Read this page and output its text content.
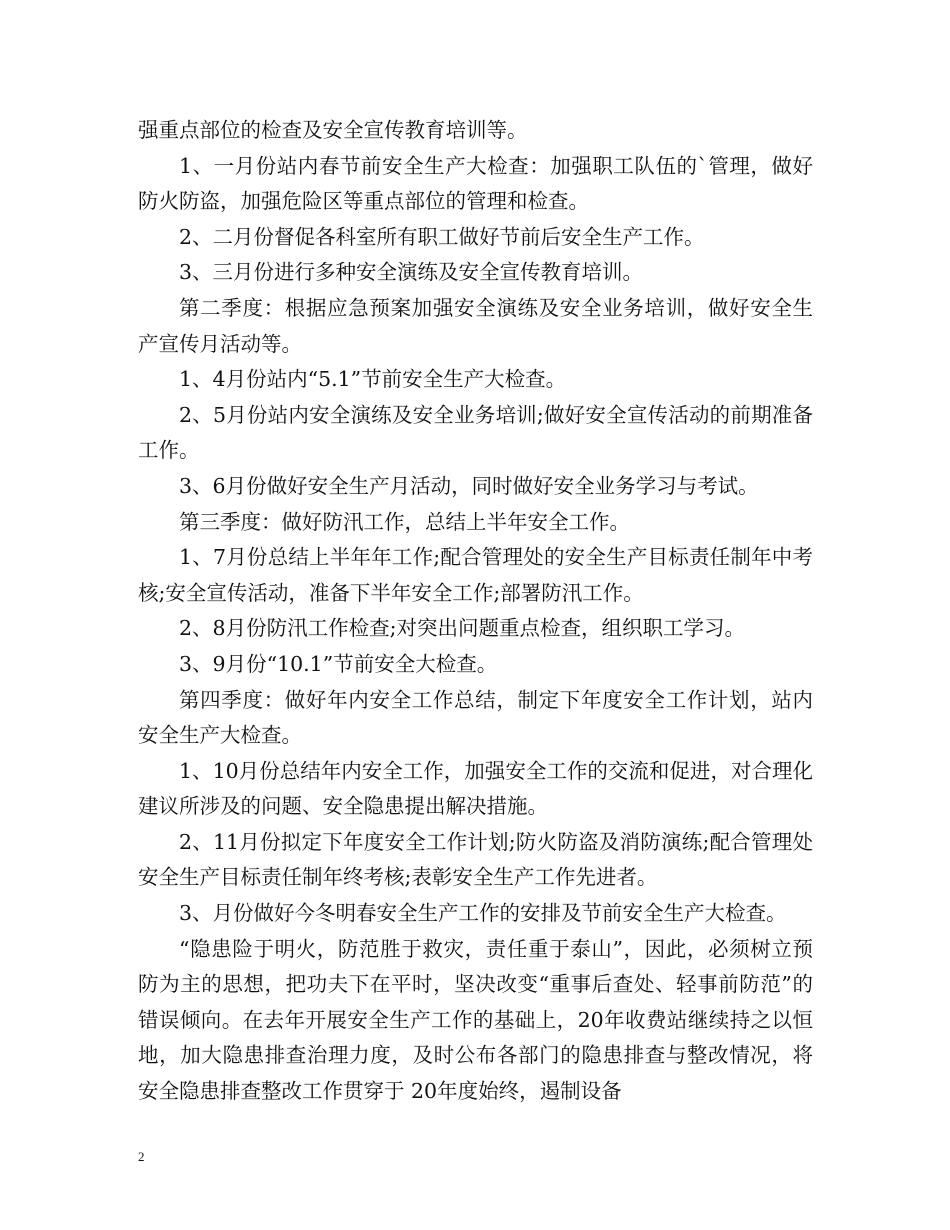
强重点部位的检查及安全宣传教育培训等。

1、一月份站内春节前安全生产大检查：加强职工队伍的`管理，做好防火防盗，加强危险区等重点部位的管理和检查。

2、二月份督促各科室所有职工做好节前后安全生产工作。

3、三月份进行多种安全演练及安全宣传教育培训。

第二季度：根据应急预案加强安全演练及安全业务培训，做好安全生产宣传月活动等。

1、4月份站内“5.1”节前安全生产大检查。

2、5月份站内安全演练及安全业务培训;做好安全宣传活动的前期准备工作。

3、6月份做好安全生产月活动，同时做好安全业务学习与考试。

第三季度：做好防汛工作，总结上半年安全工作。

1、7月份总结上半年年工作;配合管理处的安全生产目标责任制年中考核;安全宣传活动，准备下半年安全工作;部署防汛工作。

2、8月份防汛工作检查;对突出问题重点检查，组织职工学习。

3、9月份“10.1”节前安全大检查。

第四季度：做好年内安全工作总结，制定下年度安全工作计划，站内安全生产大检查。

1、10月份总结年内安全工作，加强安全工作的交流和促进，对合理化建议所涉及的问题、安全隐患提出解决措施。

2、11月份拟定下年度安全工作计划;防火防盗及消防演练;配合管理处安全生产目标责任制年终考核;表彰安全生产工作先进者。

3、月份做好今冬明春安全生产工作的安排及节前安全生产大检查。

“隐患险于明火，防范胜于救灾，责任重于泰山”，因此，必须树立预防为主的思想，把功夫下在平时，坚决改变“重事后查处、轻事前防范”的错误倾向。在去年开展安全生产工作的基础上，20年收费站继续持之以恒地，加大隐患排查治理力度，及时公布各部门的隐患排查与整改情况，将安全隐患排查整改工作贯穿于 20年度始终，遏制设备

2
